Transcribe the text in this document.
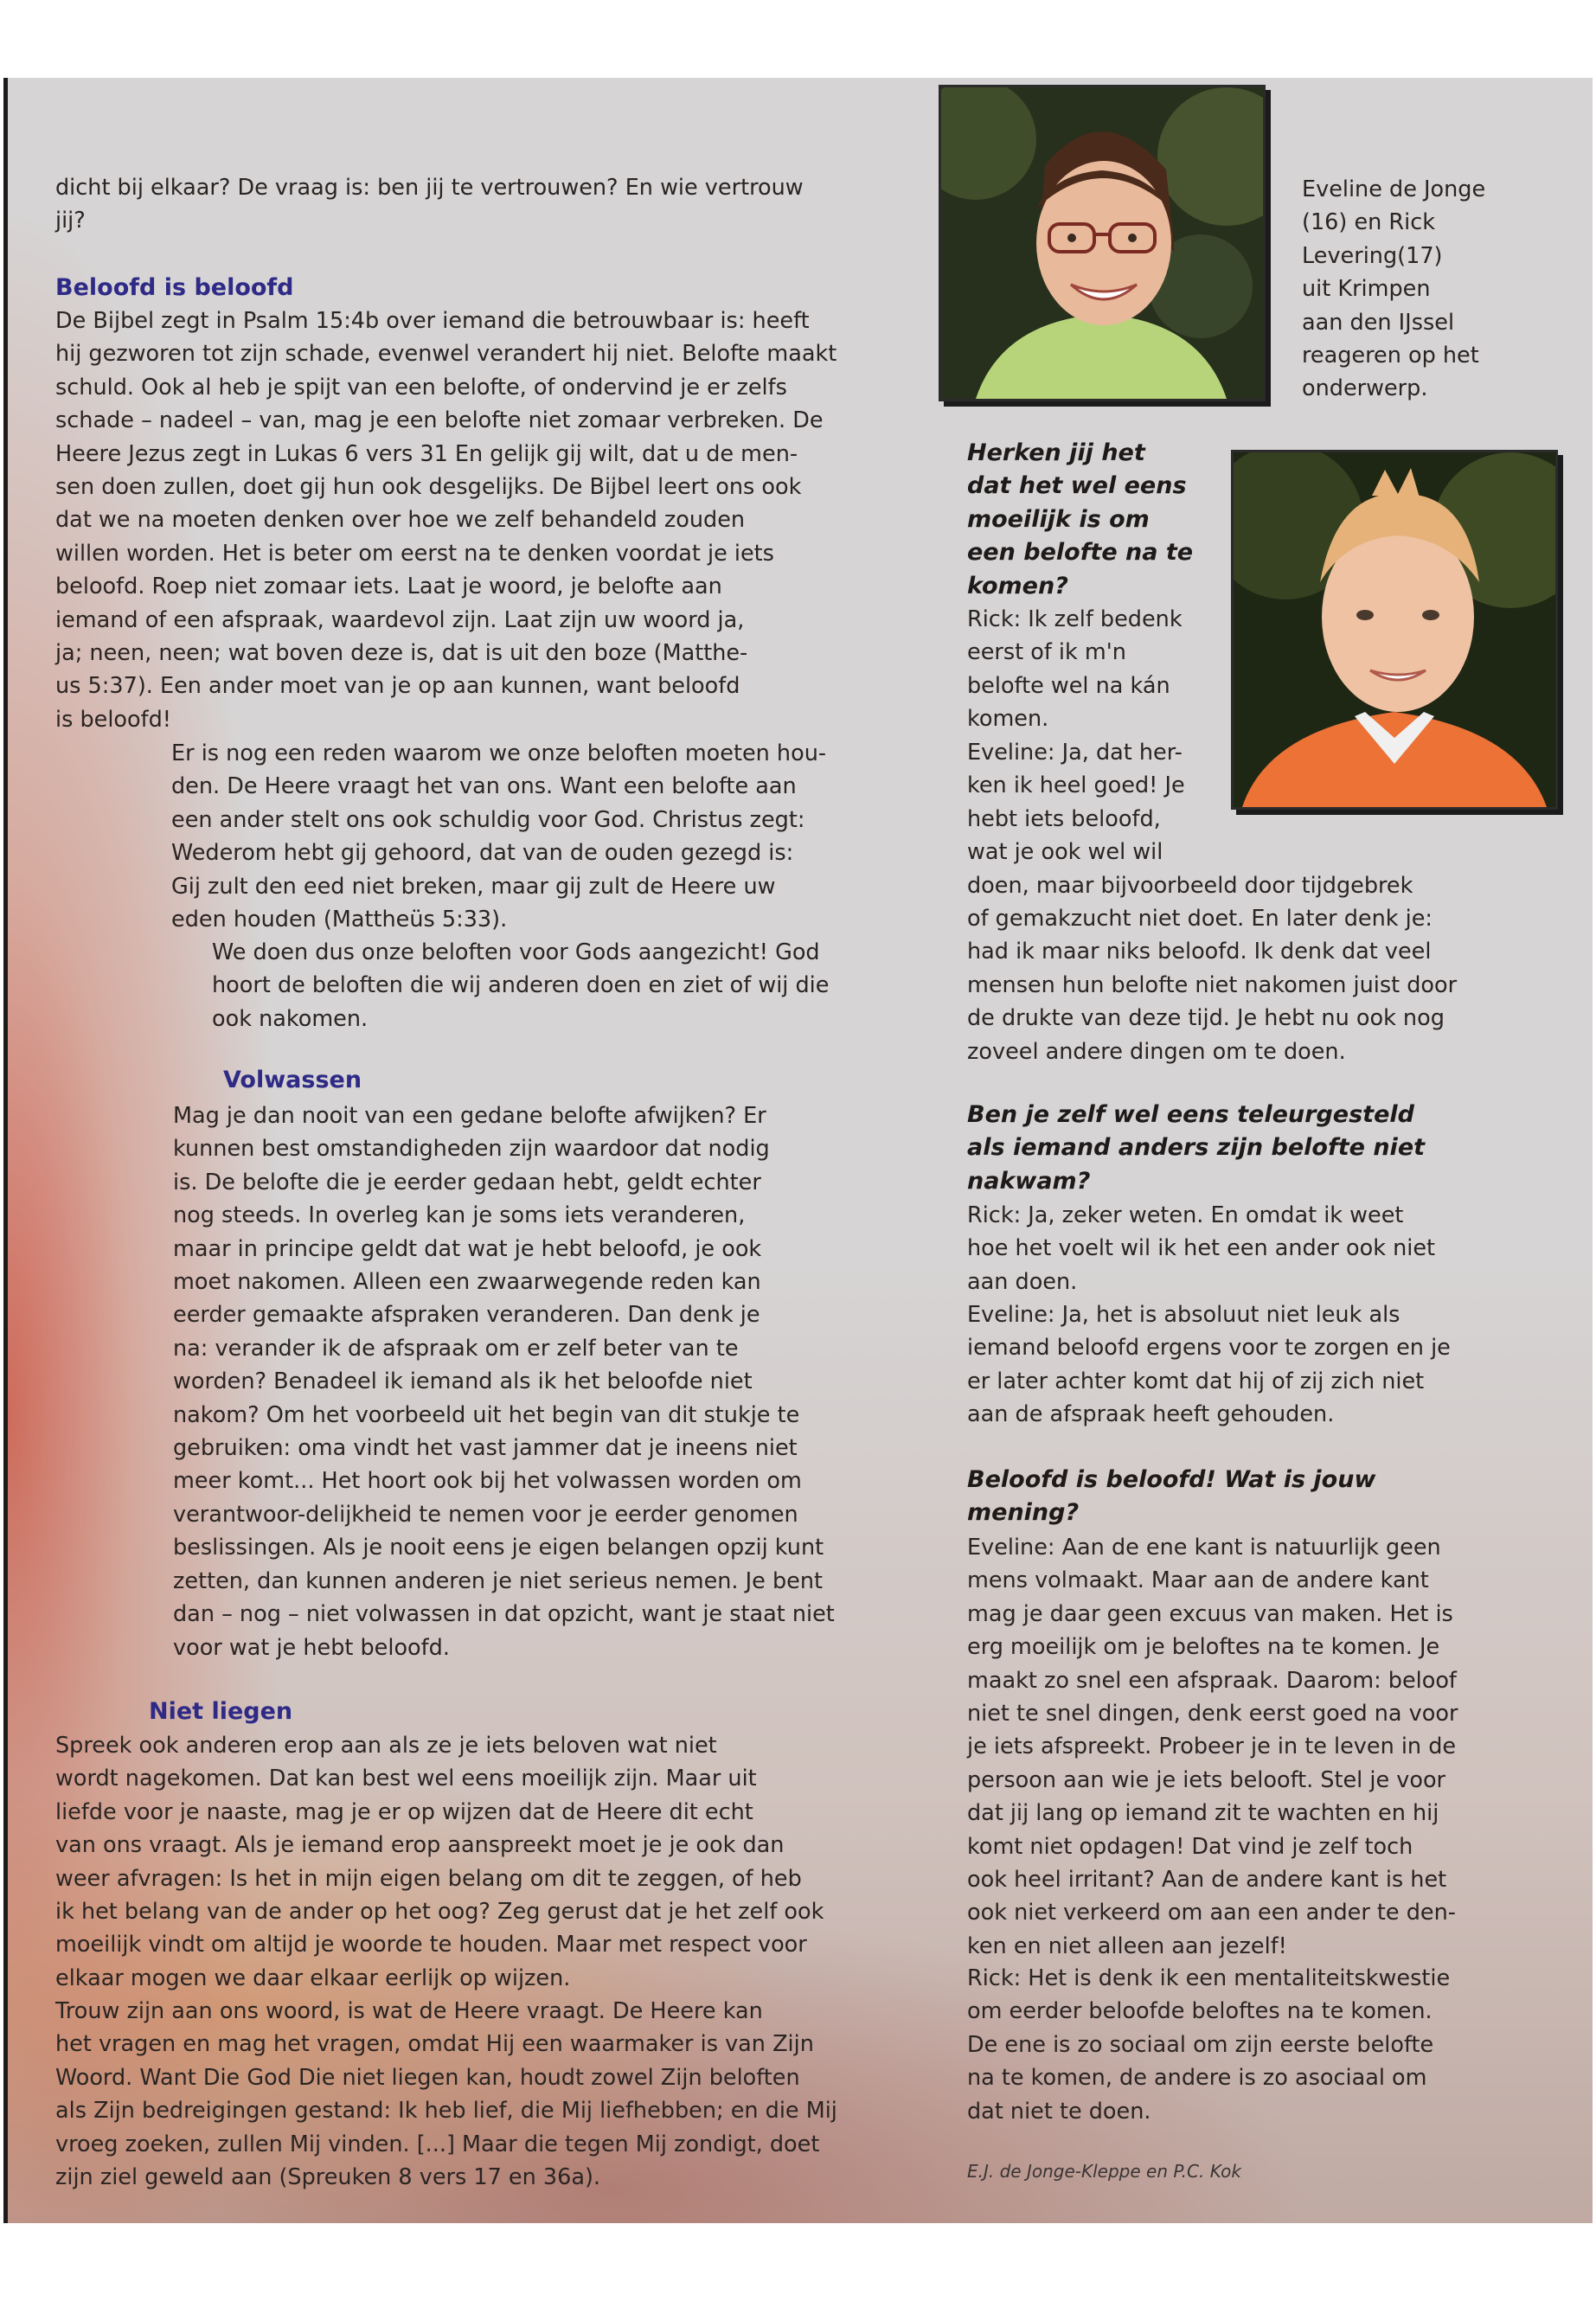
dicht bij elkaar? De vraag is: ben jij te vertrouwen? En wie vertrouw
jij?

Beloofd is beloofd

De Bijbel zegt in Psalm 15:4b over iemand die betrouwbaar is: heeft
hij gezworen tot zijn schade, evenwel verandert hij niet. Belofte maakt
schuld. Ook al heb je spijt van een belofte, of ondervind je er zelfs
schade – nadeel – van, mag je een belofte niet zomaar verbreken. De
Heere Jezus zegt in Lukas 6 vers 31 En gelijk gij wilt, dat u de men-
sen doen zullen, doet gij hun ook desgelijks. De Bijbel leert ons ook
dat we na moeten denken over hoe we zelf behandeld zouden
willen worden. Het is beter om eerst na te denken voordat je iets
beloofd. Roep niet zomaar iets. Laat je woord, je belofte aan
iemand of een afspraak, waardevol zijn. Laat zijn uw woord ja,
ja; neen, neen; wat boven deze is, dat is uit den boze (Matthe-
us 5:37). Een ander moet van je op aan kunnen, want beloofd
is beloofd!

Er is nog een reden waarom we onze beloften moeten hou-
den. De Heere vraagt het van ons. Want een belofte aan
een ander stelt ons ook schuldig voor God. Christus zegt:
Wederom hebt gij gehoord, dat van de ouden gezegd is:
Gij zult den eed niet breken, maar gij zult de Heere uw
eden houden (Mattheüs 5:33).

We doen dus onze beloften voor Gods aangezicht! God
hoort de beloften die wij anderen doen en ziet of wij die
ook nakomen.

Volwassen

Mag je dan nooit van een gedane belofte afwijken? Er
kunnen best omstandigheden zijn waardoor dat nodig
is. De belofte die je eerder gedaan hebt, geldt echter
nog steeds. In overleg kan je soms iets veranderen,
maar in principe geldt dat wat je hebt beloofd, je ook
moet nakomen. Alleen een zwaarwegende reden kan
eerder gemaakte afspraken veranderen. Dan denk je
na: verander ik de afspraak om er zelf beter van te
worden? Benadeel ik iemand als ik het beloofde niet
nakom? Om het voorbeeld uit het begin van dit stukje te
gebruiken: oma vindt het vast jammer dat je ineens niet
meer komt... Het hoort ook bij het volwassen worden om
verantwoor-delijkheid te nemen voor je eerder genomen
beslissingen. Als je nooit eens je eigen belangen opzij kunt
zetten, dan kunnen anderen je niet serieus nemen. Je bent
dan – nog – niet volwassen in dat opzicht, want je staat niet
voor wat je hebt beloofd.

Niet liegen

Spreek ook anderen erop aan als ze je iets beloven wat niet
wordt nagekomen. Dat kan best wel eens moeilijk zijn. Maar uit
liefde voor je naaste, mag je er op wijzen dat de Heere dit echt
van ons vraagt. Als je iemand erop aanspreekt moet je je ook dan
weer afvragen: Is het in mijn eigen belang om dit te zeggen, of heb
ik het belang van de ander op het oog? Zeg gerust dat je het zelf ook
moeilijk vindt om altijd je woorde te houden. Maar met respect voor
elkaar mogen we daar elkaar eerlijk op wijzen.

Trouw zijn aan ons woord, is wat de Heere vraagt. De Heere kan
het vragen en mag het vragen, omdat Hij een waarmaker is van Zijn
Woord. Want Die God Die niet liegen kan, houdt zowel Zijn beloften
als Zijn bedreigingen gestand: Ik heb lief, die Mij liefhebben; en die Mij
vroeg zoeken, zullen Mij vinden. [...] Maar die tegen Mij zondigt, doet
zijn ziel geweld aan (Spreuken 8 vers 17 en 36a).

Eveline de Jonge
(16) en Rick
Levering(17)
uit Krimpen
aan den IJssel
reageren op het
onderwerp.

Herken jij het
dat het wel eens
moeilijk is om
een belofte na te
komen?

Rick: Ik zelf bedenk
eerst of ik m'n
belofte wel na kán
komen.

Eveline: Ja, dat her-
ken ik heel goed! Je
hebt iets beloofd,
wat je ook wel wil
doen, maar bijvoorbeeld door tijdgebrek
of gemakzucht niet doet. En later denk je:
had ik maar niks beloofd. Ik denk dat veel
mensen hun belofte niet nakomen juist door
de drukte van deze tijd. Je hebt nu ook nog
zoveel andere dingen om te doen.

Ben je zelf wel eens teleurgesteld
als iemand anders zijn belofte niet
nakwam?

Rick: Ja, zeker weten. En omdat ik weet
hoe het voelt wil ik het een ander ook niet
aan doen.

Eveline: Ja, het is absoluut niet leuk als
iemand beloofd ergens voor te zorgen en je
er later achter komt dat hij of zij zich niet
aan de afspraak heeft gehouden.

Beloofd is beloofd! Wat is jouw
mening?

Eveline: Aan de ene kant is natuurlijk geen
mens volmaakt. Maar aan de andere kant
mag je daar geen excuus van maken. Het is
erg moeilijk om je beloftes na te komen. Je
maakt zo snel een afspraak. Daarom: beloof
niet te snel dingen, denk eerst goed na voor
je iets afspreekt. Probeer je in te leven in de
persoon aan wie je iets belooft. Stel je voor
dat jij lang op iemand zit te wachten en hij
komt niet opdagen! Dat vind je zelf toch
ook heel irritant? Aan de andere kant is het
ook niet verkeerd om aan een ander te den-
ken en niet alleen aan jezelf!

Rick: Het is denk ik een mentaliteitskwestie
om eerder beloofde beloftes na te komen.
De ene is zo sociaal om zijn eerste belofte
na te komen, de andere is zo asociaal om
dat niet te doen.

E.J. de Jonge-Kleppe en P.C. Kok
